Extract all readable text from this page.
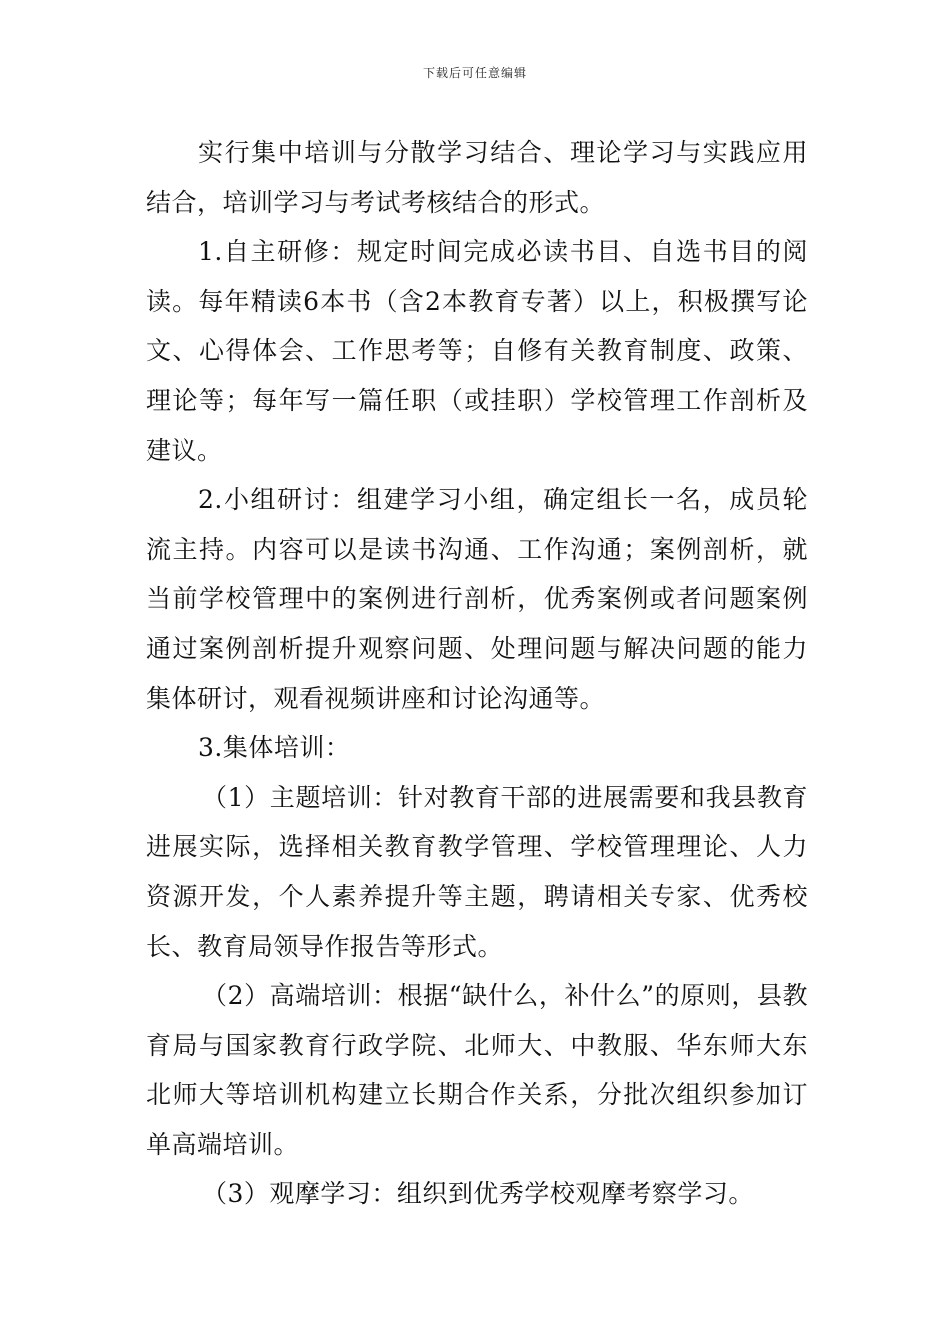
下载后可任意编辑

实行集中培训与分散学习结合、理论学习与实践应用结合，培训学习与考试考核结合的形式。

1.自主研修：规定时间完成必读书目、自选书目的阅读。每年精读6本书（含2本教育专著）以上，积极撰写论文、心得体会、工作思考等；自修有关教育制度、政策、理论等；每年写一篇任职（或挂职）学校管理工作剖析及建议。

2.小组研讨：组建学习小组，确定组长一名，成员轮流主持。内容可以是读书沟通、工作沟通；案例剖析，就当前学校管理中的案例进行剖析，优秀案例或者问题案例通过案例剖析提升观察问题、处理问题与解决问题的能力集体研讨，观看视频讲座和讨论沟通等。

3.集体培训：

（1）主题培训：针对教育干部的进展需要和我县教育进展实际，选择相关教育教学管理、学校管理理论、人力资源开发，个人素养提升等主题，聘请相关专家、优秀校长、教育局领导作报告等形式。

（2）高端培训：根据“缺什么，补什么”的原则，县教育局与国家教育行政学院、北师大、中教服、华东师大东北师大等培训机构建立长期合作关系，分批次组织参加订单高端培训。

（3）观摩学习：组织到优秀学校观摩考察学习。
